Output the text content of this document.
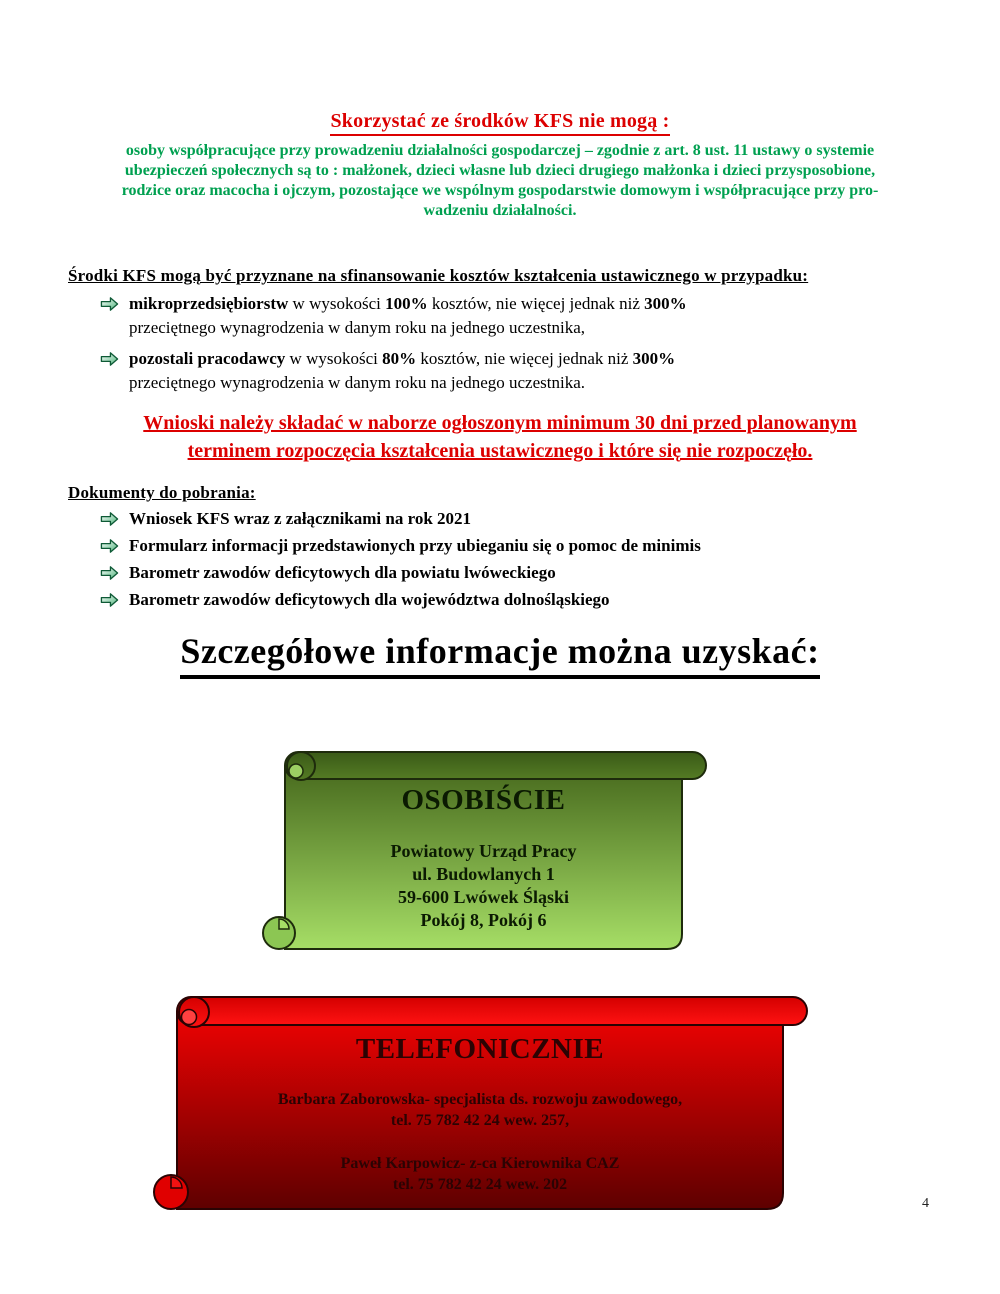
Skorzystać ze środków KFS nie mogą :
osoby współpracujące przy prowadzeniu działalności gospodarczej – zgodnie z art. 8 ust. 11 ustawy o systemie
ubezpieczeń społecznych są to : małżonek, dzieci własne lub dzieci drugiego małżonka i dzieci przysposobione,
rodzice oraz macocha i ojczym, pozostające we wspólnym gospodarstwie domowym i współpracujące przy pro-
wadzeniu działalności.
Środki KFS mogą być przyznane na sfinansowanie kosztów kształcenia ustawicznego w przypadku:
mikroprzedsiębiorstw w wysokości 100% kosztów, nie więcej jednak niż 300%
przeciętnego wynagrodzenia w danym roku na jednego uczestnika,
pozostali pracodawcy w wysokości 80% kosztów, nie więcej jednak niż 300%
przeciętnego wynagrodzenia w danym roku na jednego uczestnika.
Wnioski należy składać w naborze ogłoszonym minimum 30 dni przed planowanym
terminem rozpoczęcia kształcenia ustawicznego i które się nie rozpoczęło.
Dokumenty do pobrania:
Wniosek KFS wraz z załącznikami na rok 2021
Formularz informacji przedstawionych przy ubieganiu się o pomoc de minimis
Barometr zawodów deficytowych dla powiatu lwóweckiego
Barometr zawodów deficytowych dla województwa dolnośląskiego
Szczegółowe informacje można uzyskać:
OSOBIŚCIE
Powiatowy Urząd Pracy
ul. Budowlanych 1
59-600 Lwówek Śląski
Pokój 8, Pokój 6
TELEFONICZNIE
Barbara Zaborowska- specjalista ds. rozwoju zawodowego,
tel. 75 782 42 24 wew. 257,
Paweł Karpowicz- z-ca Kierownika CAZ
tel. 75 782 42 24 wew. 202
4
